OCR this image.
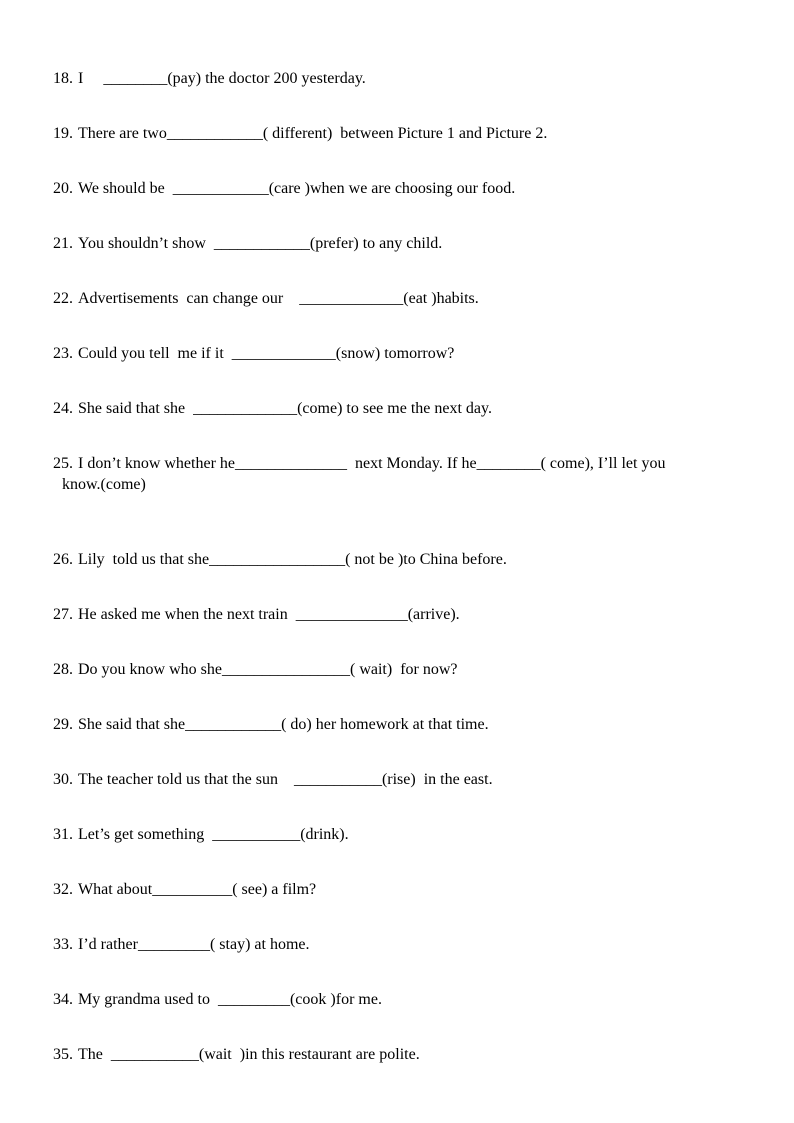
18. I     ________(pay) the doctor 200 yesterday.

19. There are two____________( different)  between Picture 1 and Picture 2.

20. We should be  ____________(care )when we are choosing our food.

21. You shouldn’t show  ____________(prefer) to any child.

22. Advertisements  can change our    _____________(eat )habits.

23. Could you tell  me if it  _____________(snow) tomorrow?

24. She said that she  _____________(come) to see me the next day.

25. I don’t know whether he______________  next Monday. If he________( come), I’ll let you

know.(come)

26. Lily  told us that she_________________( not be )to China before.

27. He asked me when the next train  ______________(arrive).

28. Do you know who she________________( wait)  for now?

29. She said that she____________( do) her homework at that time.

30. The teacher told us that the sun    ___________(rise)  in the east.

31. Let’s get something  ___________(drink).

32. What about__________( see) a film?

33. I’d rather_________( stay) at home.

34. My grandma used to  _________(cook )for me.

35. The  ___________(wait  )in this restaurant are polite.
